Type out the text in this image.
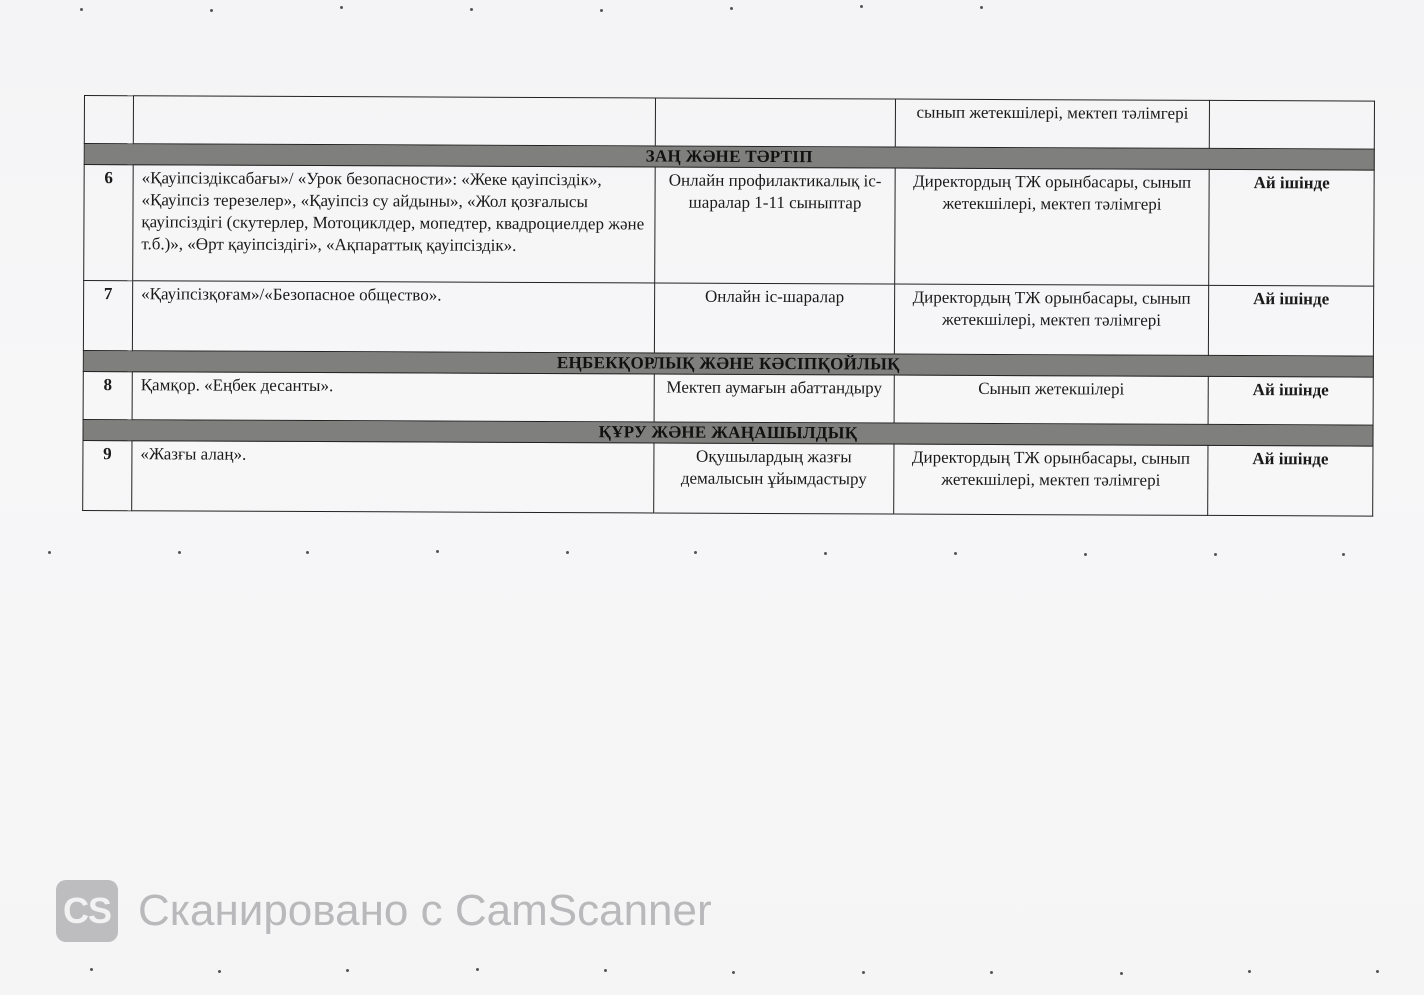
			сынып жетекшілері, мектеп тәлімгері	
ЗАҢ ЖӘНЕ ТӘРТІП				
6	«Қауіпсіздіксабағы»/ «Урок безопасности»: «Жеке қауіпсіздік», «Қауіпсіз терезелер», «Қауіпсіз су айдыны», «Жол қозғалысы қауіпсіздігі (скутерлер, Мотоциклдер, мопедтер, квадроциелдер және т.б.)», «Өрт қауіпсіздігі», «Ақпараттық қауіпсіздік».	Онлайн профилактикалық іс-шаралар 1-11 сыныптар	Директордың ТЖ орынбасары, сынып жетекшілері, мектеп тәлімгері	Ай ішінде
7	«Қауіпсізқоғам»/«Безопасное общество».	Онлайн іс-шаралар	Директордың ТЖ орынбасары, сынып жетекшілері, мектеп тәлімгері	Ай ішінде
ЕҢБЕКҚОРЛЫҚ ЖӘНЕ КӘСІПҚОЙЛЫҚ				
8	Қамқор. «Еңбек десанты».	Мектеп аумағын абаттандыру	Сынып жетекшілері	Ай ішінде
ҚҰРУ ЖӘНЕ ЖАҢАШЫЛДЫҚ				
9	«Жазғы алаң».	Оқушылардың жазғы демалысын ұйымдастыру	Директордың ТЖ орынбасары, сынып жетекшілері, мектеп тәлімгері	Ай ішінде
CS Сканировано с CamScanner
